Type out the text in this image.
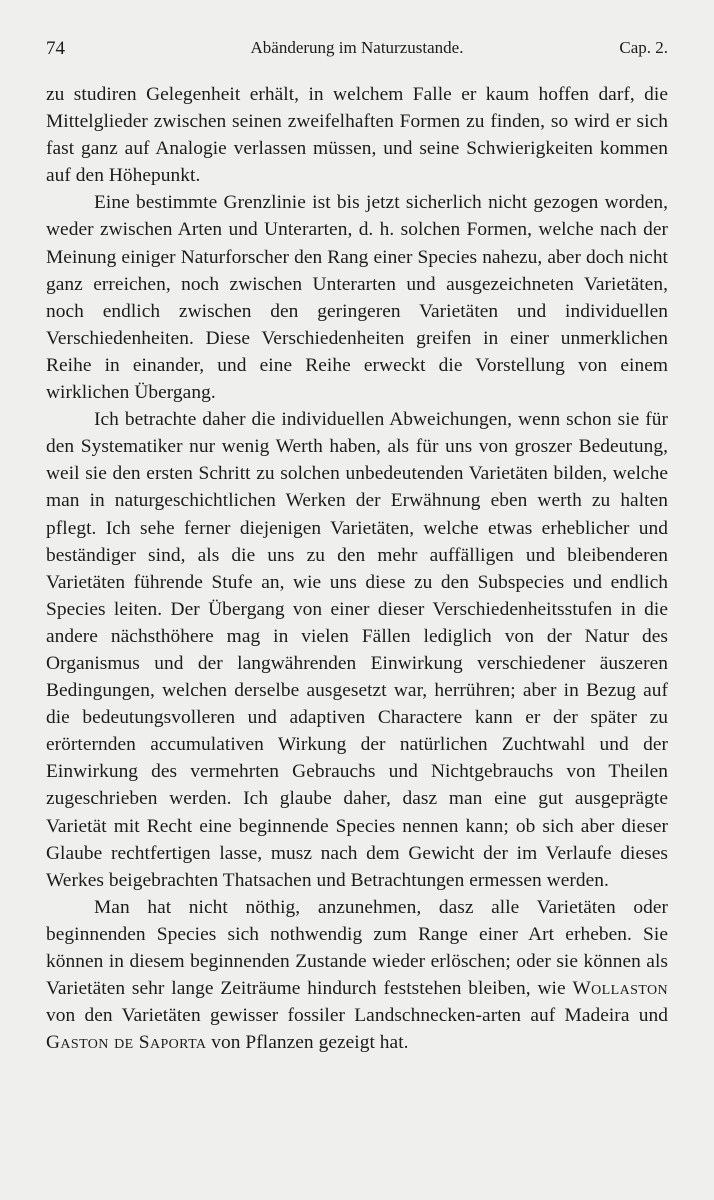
74	Abänderung im Naturzustande.	Cap. 2.

zu studiren Gelegenheit erhält, in welchem Falle er kaum hoffen darf, die Mittelglieder zwischen seinen zweifelhaften Formen zu finden, so wird er sich fast ganz auf Analogie verlassen müssen, und seine Schwierigkeiten kommen auf den Höhepunkt.

Eine bestimmte Grenzlinie ist bis jetzt sicherlich nicht gezogen worden, weder zwischen Arten und Unterarten, d. h. solchen Formen, welche nach der Meinung einiger Naturforscher den Rang einer Species nahezu, aber doch nicht ganz erreichen, noch zwischen Unterarten und ausgezeichneten Varietäten, noch endlich zwischen den geringeren Varietäten und individuellen Verschiedenheiten. Diese Verschiedenheiten greifen in einer unmerklichen Reihe in einander, und eine Reihe erweckt die Vorstellung von einem wirklichen Übergang.

Ich betrachte daher die individuellen Abweichungen, wenn schon sie für den Systematiker nur wenig Werth haben, als für uns von groszer Bedeutung, weil sie den ersten Schritt zu solchen unbedeutenden Varietäten bilden, welche man in naturgeschichtlichen Werken der Erwähnung eben werth zu halten pflegt. Ich sehe ferner diejenigen Varietäten, welche etwas erheblicher und beständiger sind, als die uns zu den mehr auffälligen und bleibenderen Varietäten führende Stufe an, wie uns diese zu den Subspecies und endlich Species leiten. Der Übergang von einer dieser Verschiedenheitsstufen in die andere nächsthöhere mag in vielen Fällen lediglich von der Natur des Organismus und der langwährenden Einwirkung verschiedener äuszeren Bedingungen, welchen derselbe ausgesetzt war, herrühren; aber in Bezug auf die bedeutungsvolleren und adaptiven Charactere kann er der später zu erörternden accumulativen Wirkung der natürlichen Zuchtwahl und der Einwirkung des vermehrten Gebrauchs und Nichtgebrauchs von Theilen zugeschrieben werden. Ich glaube daher, dasz man eine gut ausgeprägte Varietät mit Recht eine beginnende Species nennen kann; ob sich aber dieser Glaube rechtfertigen lasse, musz nach dem Gewicht der im Verlaufe dieses Werkes beigebrachten Thatsachen und Betrachtungen ermessen werden.

Man hat nicht nöthig, anzunehmen, dasz alle Varietäten oder beginnenden Species sich nothwendig zum Range einer Art erheben. Sie können in diesem beginnenden Zustande wieder erlöschen; oder sie können als Varietäten sehr lange Zeiträume hindurch feststehen bleiben, wie Wollaston von den Varietäten gewisser fossiler Landschnecken-arten auf Madeira und Gaston de Saporta von Pflanzen gezeigt hat.
